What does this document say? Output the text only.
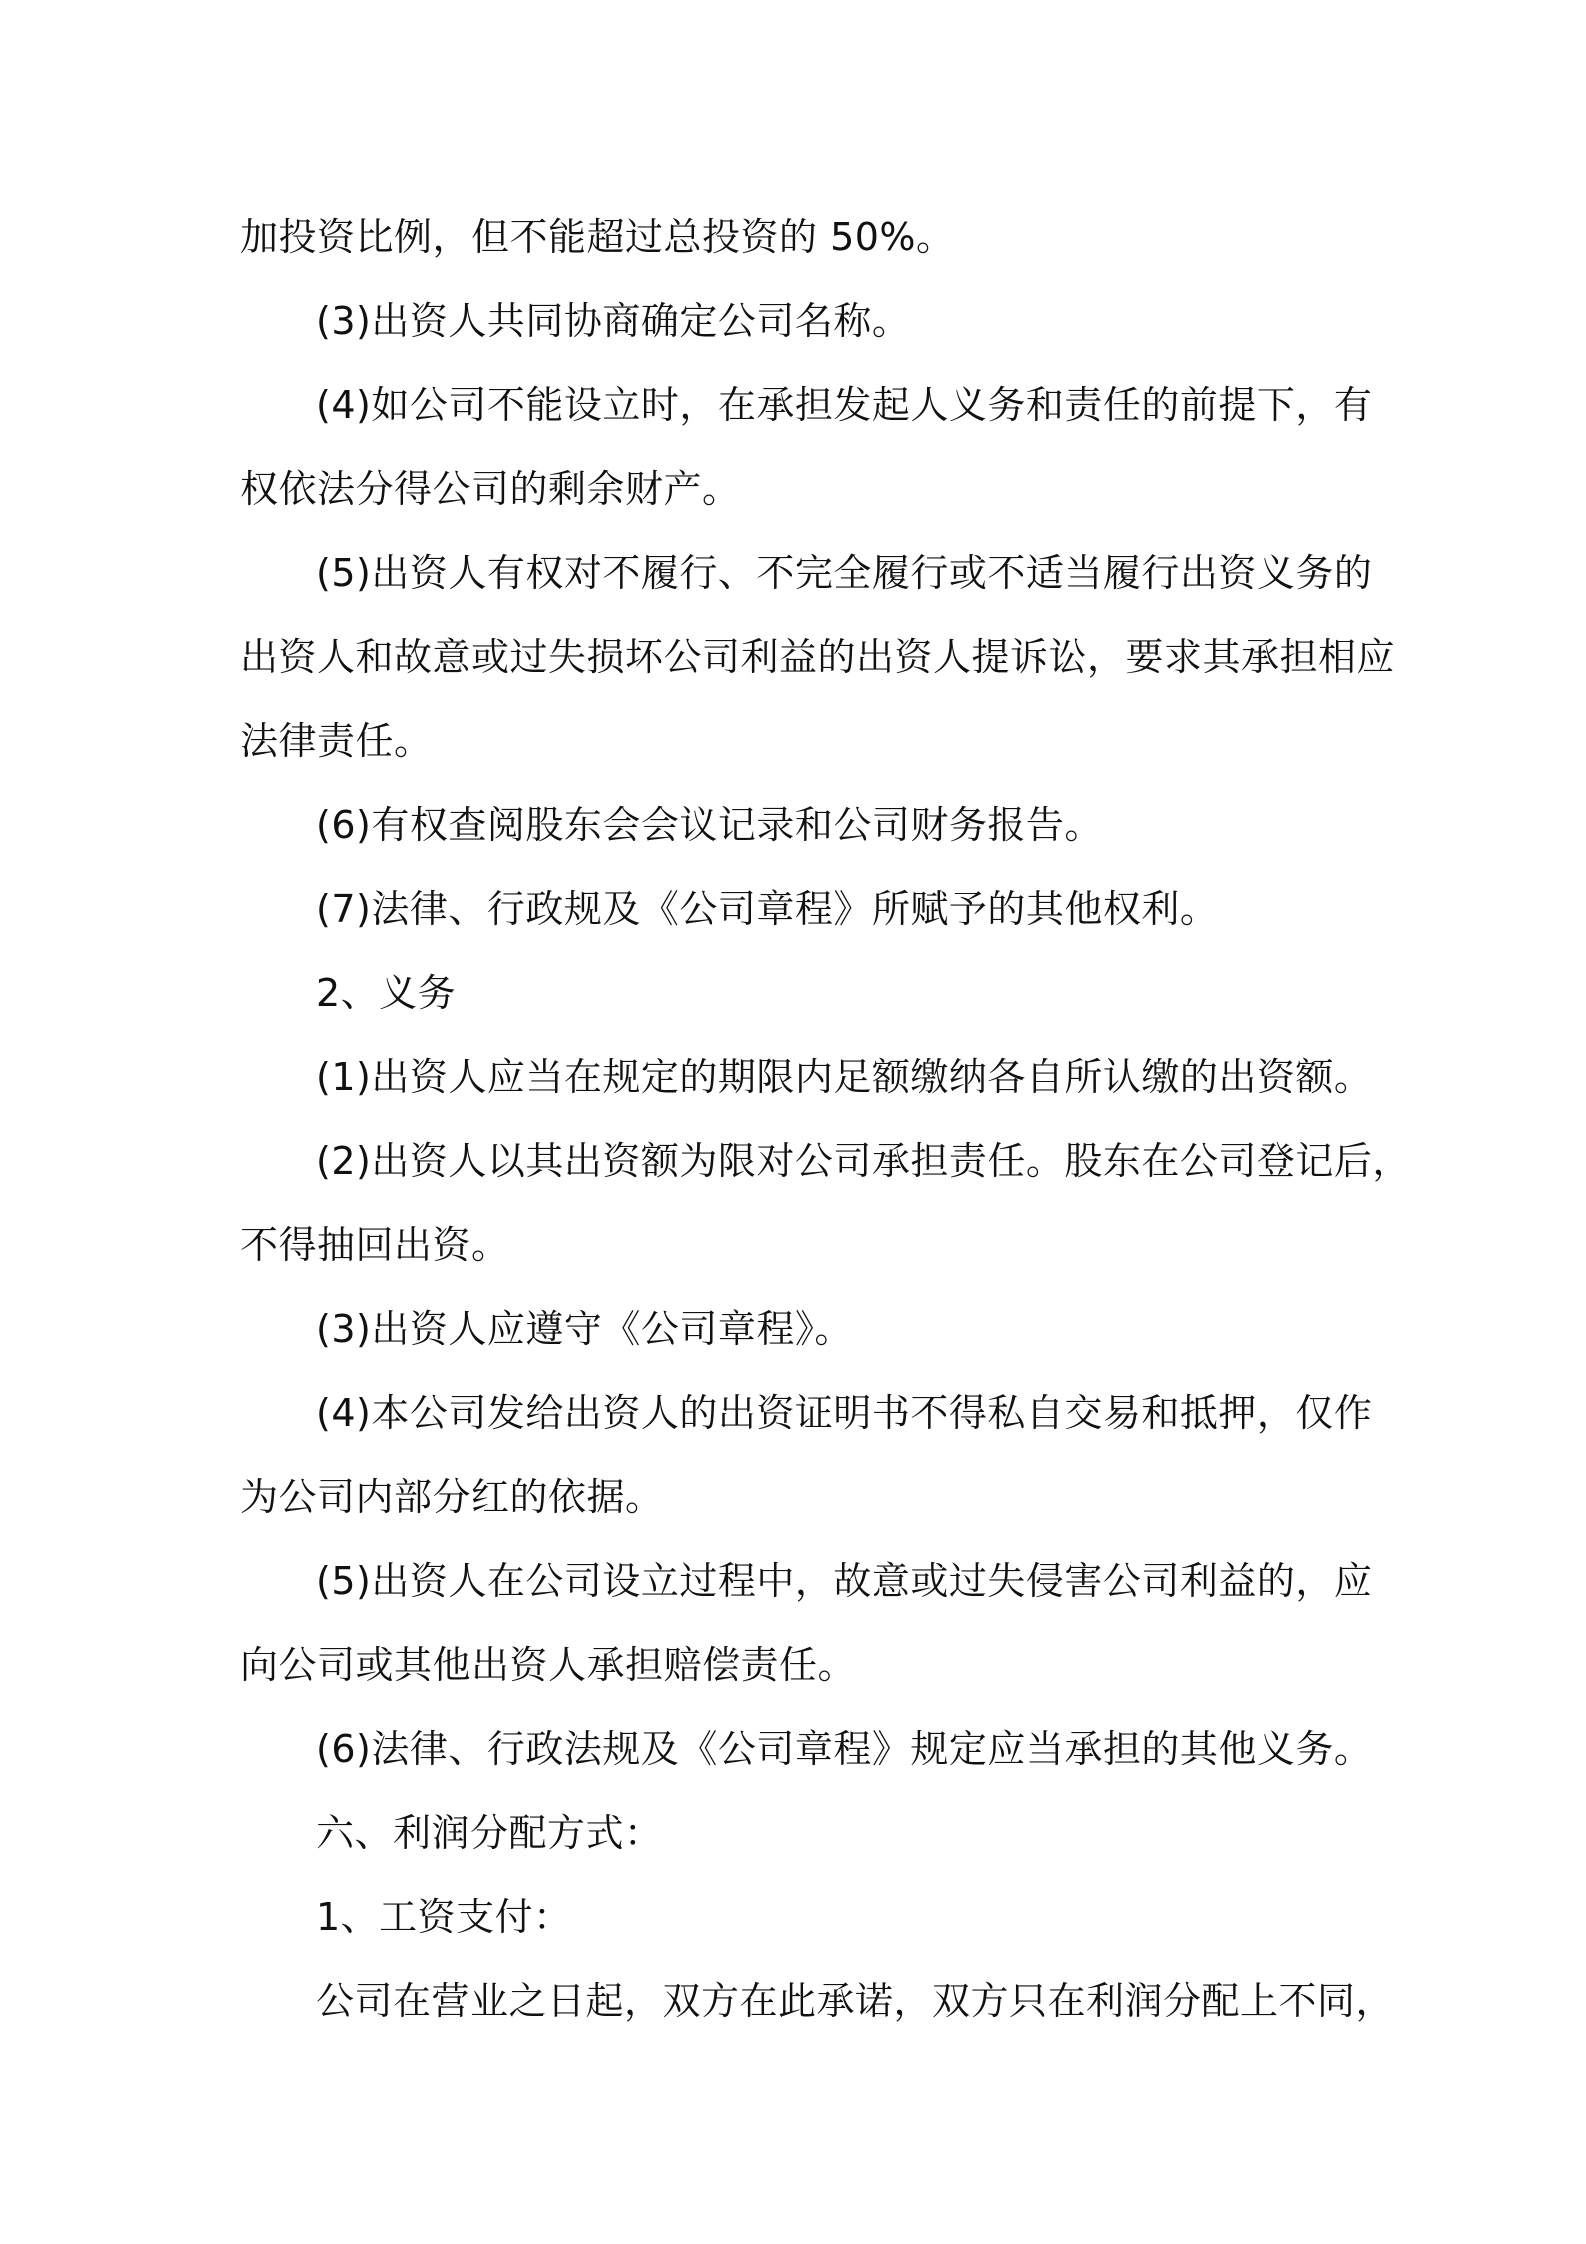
加投资比例，但不能超过总投资的 50%。
(3)出资人共同协商确定公司名称。
(4)如公司不能设立时，在承担发起人义务和责任的前提下，有
权依法分得公司的剩余财产。
(5)出资人有权对不履行、不完全履行或不适当履行出资义务的
出资人和故意或过失损坏公司利益的出资人提诉讼，要求其承担相应
法律责任。
(6)有权查阅股东会会议记录和公司财务报告。
(7)法律、行政规及《公司章程》所赋予的其他权利。
2、义务
(1)出资人应当在规定的期限内足额缴纳各自所认缴的出资额。
(2)出资人以其出资额为限对公司承担责任。股东在公司登记后，
不得抽回出资。
(3)出资人应遵守《公司章程》。
(4)本公司发给出资人的出资证明书不得私自交易和抵押，仅作
为公司内部分红的依据。
(5)出资人在公司设立过程中，故意或过失侵害公司利益的，应
向公司或其他出资人承担赔偿责任。
(6)法律、行政法规及《公司章程》规定应当承担的其他义务。
六、利润分配方式：
1、工资支付：
公司在营业之日起，双方在此承诺，双方只在利润分配上不同，
